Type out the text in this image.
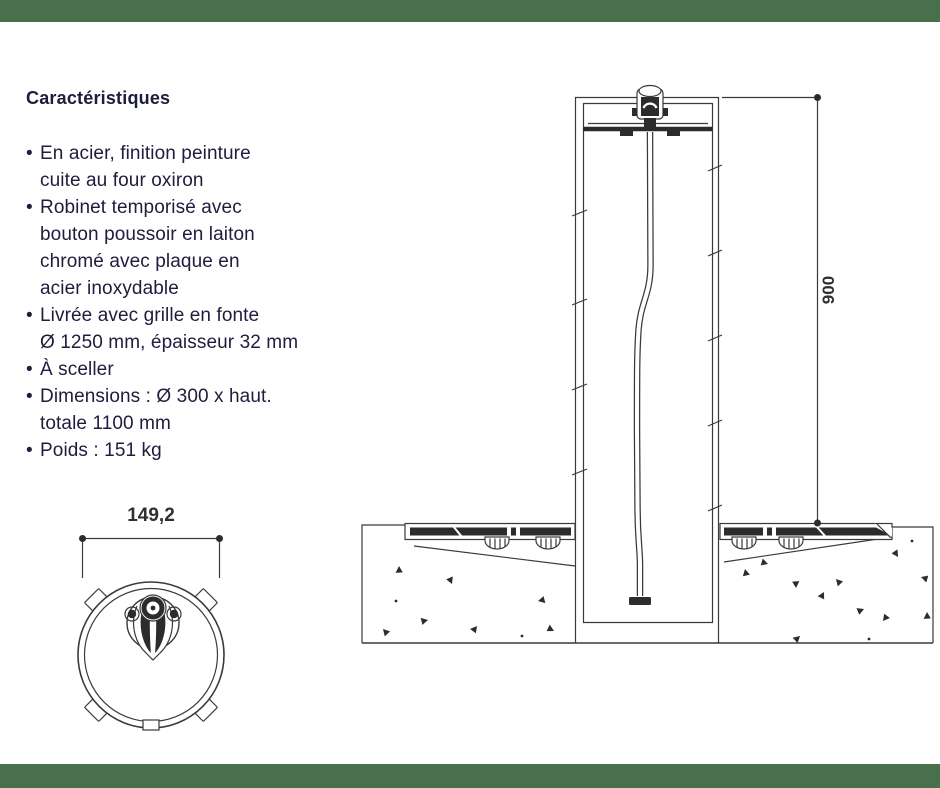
Caractéristiques
• En acier, finition peinture
cuite au four oxiron
• Robinet temporisé avec
bouton poussoir en laiton
chromé avec plaque en
acier inoxydable
• Livrée avec grille en fonte
Ø 1250 mm, épaisseur 32 mm
• À sceller
• Dimensions : Ø 300 x haut.
totale 1100 mm
• Poids : 151 kg
900
149,2
